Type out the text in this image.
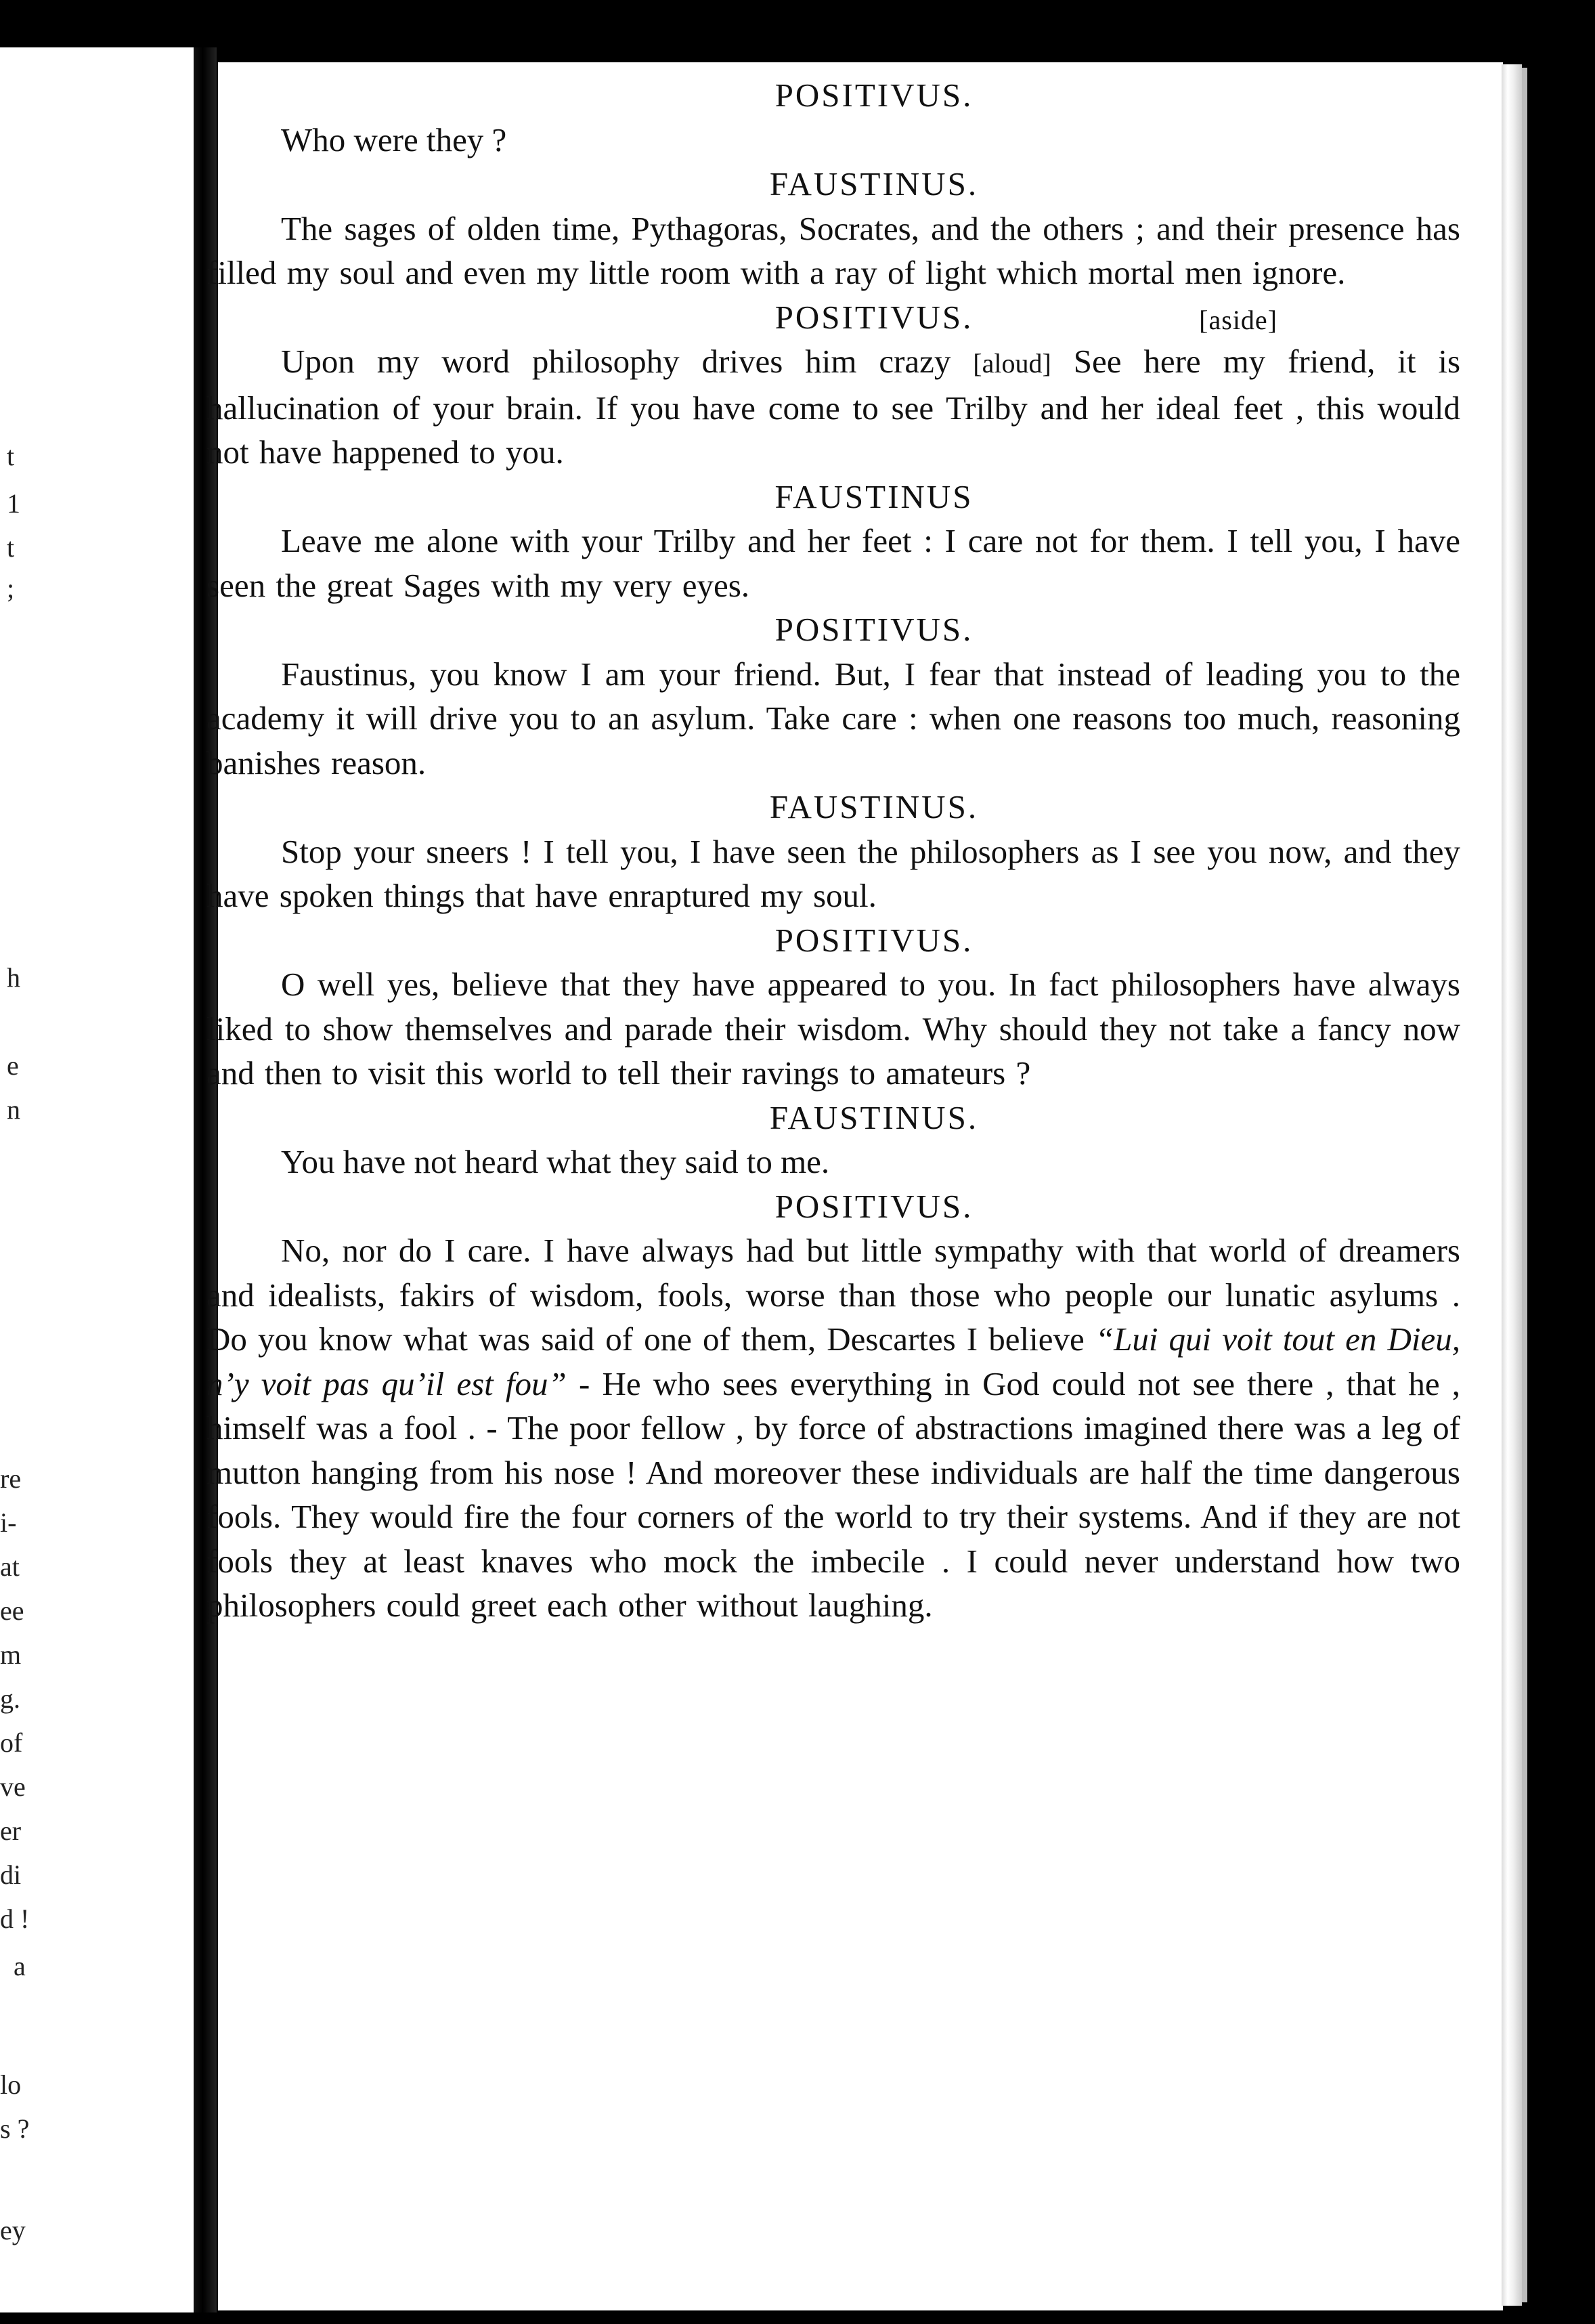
t
1
t
;
h
e
n
re
i-
at
ee
m
g.
of
ve
er
di
d !
a
lo
s ?
ey

POSITIVUS.

Who were they ?

FAUSTINUS.

The sages of olden time, Pythagoras, Socrates, and the others ; and their presence has filled my soul and even my little room with a ray of light which mortal men ignore.

POSITIVUS.	[aside]

Upon my word philosophy drives him crazy [aloud] See here my friend, it is hallucination of your brain. If you have come to see Trilby and her ideal feet , this would not have happened to you.

FAUSTINUS

Leave me alone with your Trilby and her feet : I care not for them. I tell you, I have seen the great Sages with my very eyes.

POSITIVUS.

Faustinus, you know I am your friend. But, I fear that instead of leading you to the academy it will drive you to an asylum. Take care : when one reasons too much, reasoning banishes reason.

FAUSTINUS.

Stop your sneers ! I tell you, I have seen the philosophers as I see you now, and they have spoken things that have enraptured my soul.

POSITIVUS.

O well yes, believe that they have appeared to you. In fact philosophers have always liked to show themselves and parade their wisdom. Why should they not take a fancy now and then to visit this world to tell their ravings to amateurs ?

FAUSTINUS.

You have not heard what they said to me.

POSITIVUS.

No, nor do I care. I have always had but little sympathy with that world of dreamers and idealists, fakirs of wisdom, fools, worse than those who people our lunatic asylums . Do you know what was said of one of them, Descartes I believe “Lui qui voit tout en Dieu, n’y voit pas qu’il est fou” - He who sees everything in God could not see there , that he , himself was a fool . - The poor fellow , by force of abstractions imagined there was a leg of mutton hanging from his nose ! And moreover these individuals are half the time dangerous fools. They would fire the four corners of the world to try their systems. And if they are not fools they at least knaves who mock the imbecile . I could never understand how two philosophers could greet each other without laughing.
